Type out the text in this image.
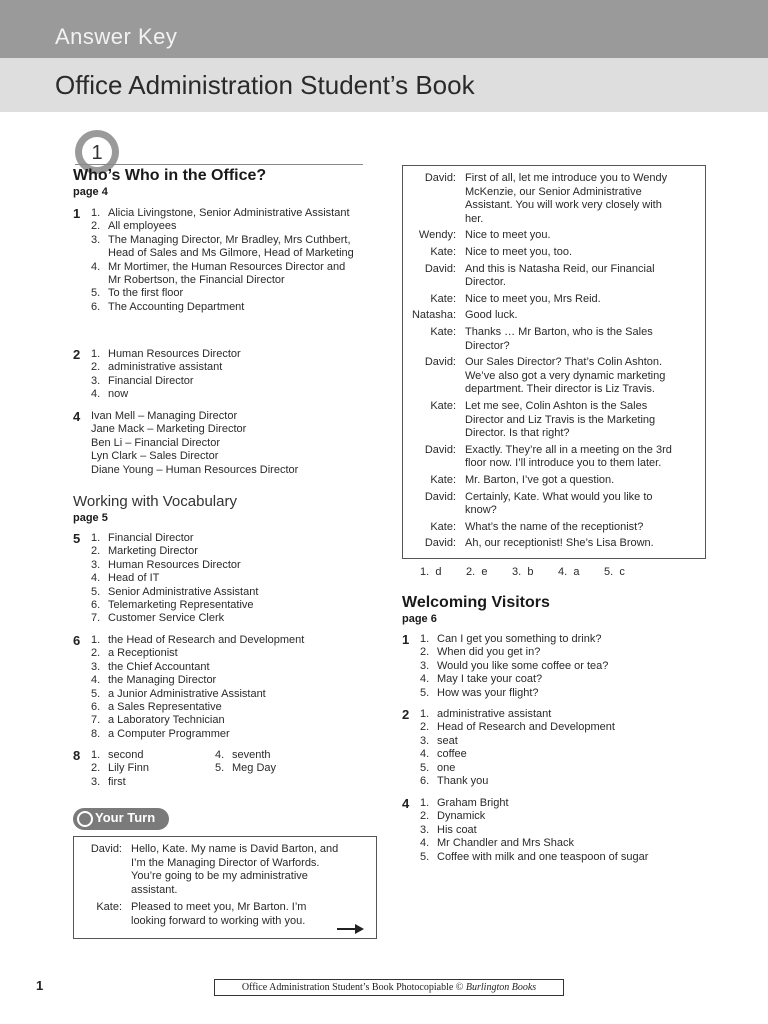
Answer Key
Office Administration Student’s Book
1
Who’s Who in the Office?
page 4
1 1. Alicia Livingstone, Senior Administrative Assistant
2. All employees
3. The Managing Director, Mr Bradley, Mrs Cuthbert, Head of Sales and Ms Gilmore, Head of Marketing
4. Mr Mortimer, the Human Resources Director and Mr Robertson, the Financial Director
5. To the first floor
6. The Accounting Department
2 1. Human Resources Director
2. administrative assistant
3. Financial Director
4. now
4 Ivan Mell – Managing Director
Jane Mack – Marketing Director
Ben Li – Financial Director
Lyn Clark – Sales Director
Diane Young – Human Resources Director
Working with Vocabulary
page 5
5 1. Financial Director
2. Marketing Director
3. Human Resources Director
4. Head of IT
5. Senior Administrative Assistant
6. Telemarketing Representative
7. Customer Service Clerk
6 1. the Head of Research and Development
2. a Receptionist
3. the Chief Accountant
4. the Managing Director
5. a Junior Administrative Assistant
6. a Sales Representative
7. a Laboratory Technician
8. a Computer Programmer
8 1. second
2. Lily Finn
3. first
4. seventh
5. Meg Day
Your Turn
David: Hello, Kate. My name is David Barton, and
I’m the Managing Director of Warfords.
You’re going to be my administrative
assistant.
Kate: Pleased to meet you, Mr Barton. I’m
looking forward to working with you.
David: First of all, let me introduce you to Wendy
McKenzie, our Senior Administrative
Assistant. You will work very closely with
her.
Wendy: Nice to meet you.
Kate: Nice to meet you, too.
David: And this is Natasha Reid, our Financial
Director.
Kate: Nice to meet you, Mrs Reid.
Natasha: Good luck.
Kate: Thanks … Mr Barton, who is the Sales
Director?
David: Our Sales Director? That’s Colin Ashton.
We’ve also got a very dynamic marketing
department. Their director is Liz Travis.
Kate: Let me see, Colin Ashton is the Sales
Director and Liz Travis is the Marketing
Director. Is that right?
David: Exactly. They’re all in a meeting on the 3rd
floor now. I’ll introduce you to them later.
Kate: Mr. Barton, I’ve got a question.
David: Certainly, Kate. What would you like to
know?
Kate: What’s the name of the receptionist?
David: Ah, our receptionist! She’s Lisa Brown.
1. d 2. e 3. b 4. a 5. c
Welcoming Visitors
page 6
1 1. Can I get you something to drink?
2. When did you get in?
3. Would you like some coffee or tea?
4. May I take your coat?
5. How was your flight?
2 1. administrative assistant
2. Head of Research and Development
3. seat
4. coffee
5. one
6. Thank you
4 1. Graham Bright
2. Dynamick
3. His coat
4. Mr Chandler and Mrs Shack
5. Coffee with milk and one teaspoon of sugar
1	Office Administration Student’s Book Photocopiable © Burlington Books
